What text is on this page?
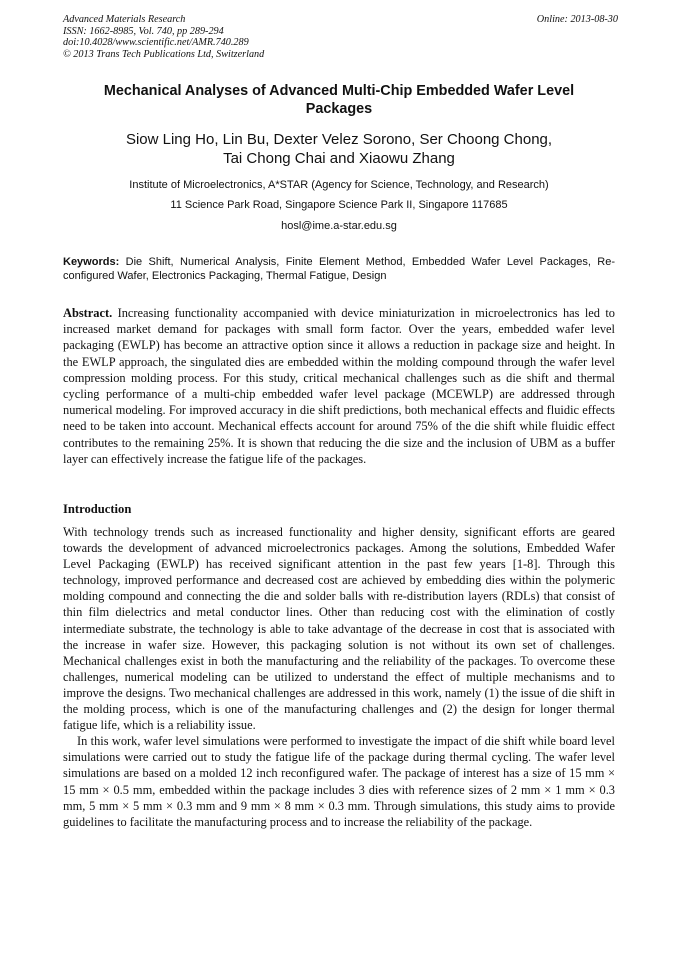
Advanced Materials Research
ISSN: 1662-8985, Vol. 740, pp 289-294
doi:10.4028/www.scientific.net/AMR.740.289
© 2013 Trans Tech Publications Ltd, Switzerland
Online: 2013-08-30
Mechanical Analyses of Advanced Multi-Chip Embedded Wafer Level
Packages
Siow Ling Ho, Lin Bu, Dexter Velez Sorono, Ser Choong Chong,
Tai Chong Chai and Xiaowu Zhang
Institute of Microelectronics, A*STAR (Agency for Science, Technology, and Research)
11 Science Park Road, Singapore Science Park II, Singapore 117685
hosl@ime.a-star.edu.sg
Keywords: Die Shift, Numerical Analysis, Finite Element Method, Embedded Wafer Level Packages, Re-configured Wafer, Electronics Packaging, Thermal Fatigue, Design
Abstract. Increasing functionality accompanied with device miniaturization in microelectronics has led to increased market demand for packages with small form factor. Over the years, embedded wafer level packaging (EWLP) has become an attractive option since it allows a reduction in package size and height. In the EWLP approach, the singulated dies are embedded within the molding compound through the wafer level compression molding process. For this study, critical mechanical challenges such as die shift and thermal cycling performance of a multi-chip embedded wafer level package (MCEWLP) are addressed through numerical modeling. For improved accuracy in die shift predictions, both mechanical effects and fluidic effects need to be taken into account. Mechanical effects account for around 75% of the die shift while fluidic effect contributes to the remaining 25%. It is shown that reducing the die size and the inclusion of UBM as a buffer layer can effectively increase the fatigue life of the packages.
Introduction

With technology trends such as increased functionality and higher density, significant efforts are geared towards the development of advanced microelectronics packages. Among the solutions, Embedded Wafer Level Packaging (EWLP) has received significant attention in the past few years [1-8]. Through this technology, improved performance and decreased cost are achieved by embedding dies within the polymeric molding compound and connecting the die and solder balls with re-distribution layers (RDLs) that consist of thin film dielectrics and metal conductor lines. Other than reducing cost with the elimination of costly intermediate substrate, the technology is able to take advantage of the decrease in cost that is associated with the increase in wafer size. However, this packaging solution is not without its own set of challenges. Mechanical challenges exist in both the manufacturing and the reliability of the packages. To overcome these challenges, numerical modeling can be utilized to understand the effect of multiple mechanisms and to improve the designs. Two mechanical challenges are addressed in this work, namely (1) the issue of die shift in the molding process, which is one of the manufacturing challenges and (2) the design for longer thermal fatigue life, which is a reliability issue.

In this work, wafer level simulations were performed to investigate the impact of die shift while board level simulations were carried out to study the fatigue life of the package during thermal cycling. The wafer level simulations are based on a molded 12 inch reconfigured wafer. The package of interest has a size of 15 mm × 15 mm × 0.5 mm, embedded within the package includes 3 dies with reference sizes of 2 mm × 1 mm × 0.3 mm, 5 mm × 5 mm × 0.3 mm and 9 mm × 8 mm × 0.3 mm. Through simulations, this study aims to provide guidelines to facilitate the manufacturing process and to increase the reliability of the package.
